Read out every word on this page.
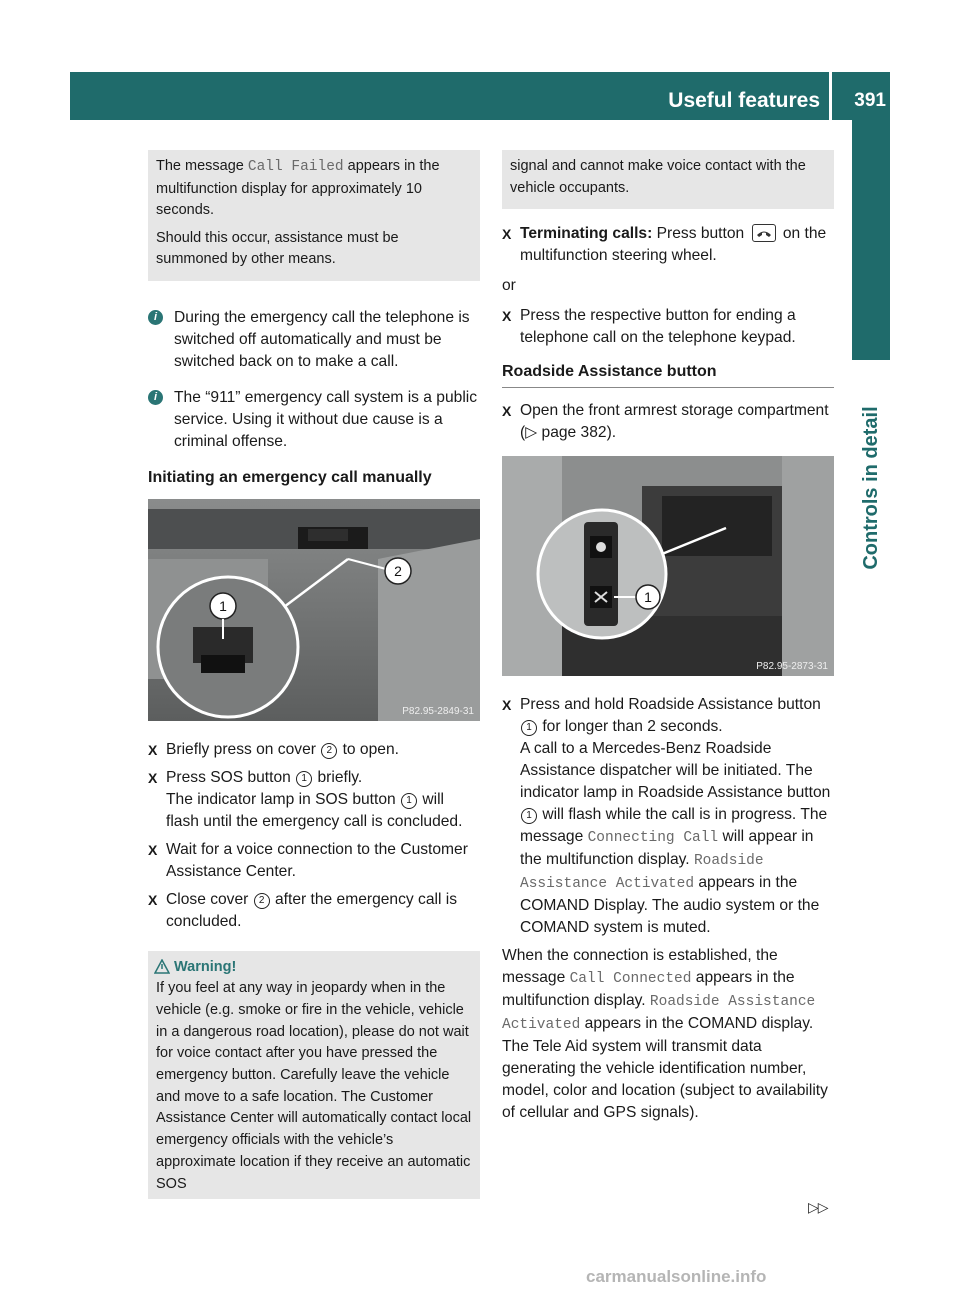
Useful features 391
Controls in detail

The message Call Failed appears in the multifunction display for approximately 10 seconds.

Should this occur, assistance must be summoned by other means.

i	During the emergency call the telephone is switched off automatically and must be switched back on to make a call.
i	The “911” emergency call system is a public service. Using it without due cause is a criminal offense.
Initiating an emergency call manually
1
2
P82.95-2849-31
X Briefly press on cover 2 to open.
X Press SOS button 1 briefly.
The indicator lamp in SOS button 1 will flash until the emergency call is concluded.
X Wait for a voice connection to the Customer Assistance Center.
X Close cover 2 after the emergency call is concluded.
Warning!

If you feel at any way in jeopardy when in the vehicle (e.g. smoke or fire in the vehicle, vehicle in a dangerous road location), please do not wait for voice contact after you have pressed the emergency button. Carefully leave the vehicle and move to a safe location. The Customer Assistance Center will automatically contact local emergency officials with the vehicle’s approximate location if they receive an automatic SOS

signal and cannot make voice contact with the vehicle occupants.

X Terminating calls: Press button  on the multifunction steering wheel.

or

X Press the respective button for ending a telephone call on the telephone keypad.
Roadside Assistance button
X Open the front armrest storage compartment (▷ page 382).
1
P82.95-2873-31
X Press and hold Roadside Assistance button 1 for longer than 2 seconds.
A call to a Mercedes-Benz Roadside Assistance dispatcher will be initiated. The indicator lamp in Roadside Assistance button 1 will flash while the call is in progress. The message Connecting Call will appear in the multifunction display. Roadside Assistance Activated appears in the COMAND Display. The audio system or the COMAND system is muted.

When the connection is established, the message Call Connected appears in the multifunction display. Roadside Assistance Activated appears in the COMAND display. The Tele Aid system will transmit data generating the vehicle identification number, model, color and location (subject to availability of cellular and GPS signals).

▷▷
carmanualsonline.info
